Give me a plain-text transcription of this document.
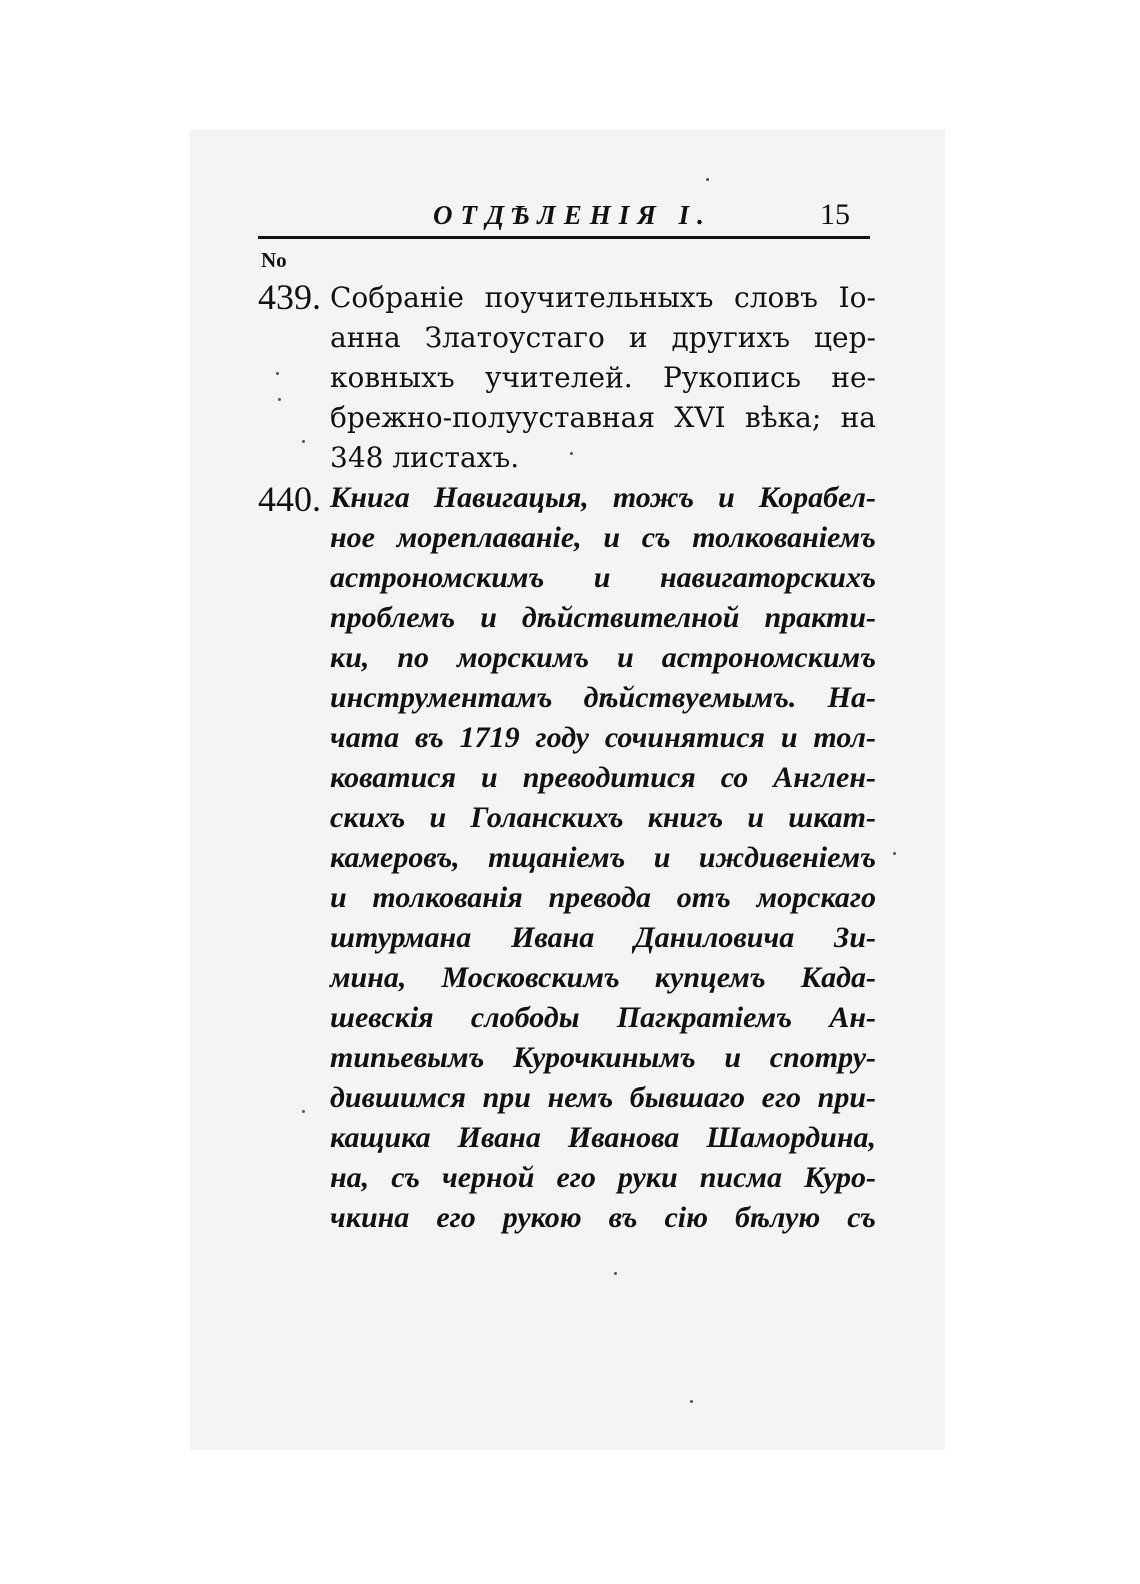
ОТДѢЛЕНІЯ I.	15
No
439. Собраніе поучительныхъ словъ Іо-
анна Златоустаго и другихъ цер-
ковныхъ учителей. Рукопись не-
брежно-полууставная XVI вѣка; на
348 листахъ.

440. Книга Навигацыя, тожъ и Корабел-
ное мореплаваніе, и съ толкованіемъ
астрономскимъ и навигаторскихъ
проблемъ и дѣйствителной практи-
ки, по морскимъ и астрономскимъ
инструментамъ дѣйствуемымъ. На-
чата въ 1719 году сочинятися и тол-
коватися и преводитися со Англен-
скихъ и Голанскихъ книгъ и шкат-
камеровъ, тщаніемъ и иждивеніемъ
и толкованія превода отъ морскаго
штурмана Ивана Даниловича Зи-
мина, Московскимъ купцемъ Када-
шевскія слободы Пагкратіемъ Ан-
типьевымъ Курочкинымъ и спотру-
дившимся при немъ бывшаго его при-
кащика Ивана Иванова Шамордина,
на, съ черной его руки писма Куро-
чкина его рукою въ сію бѣлую съ
